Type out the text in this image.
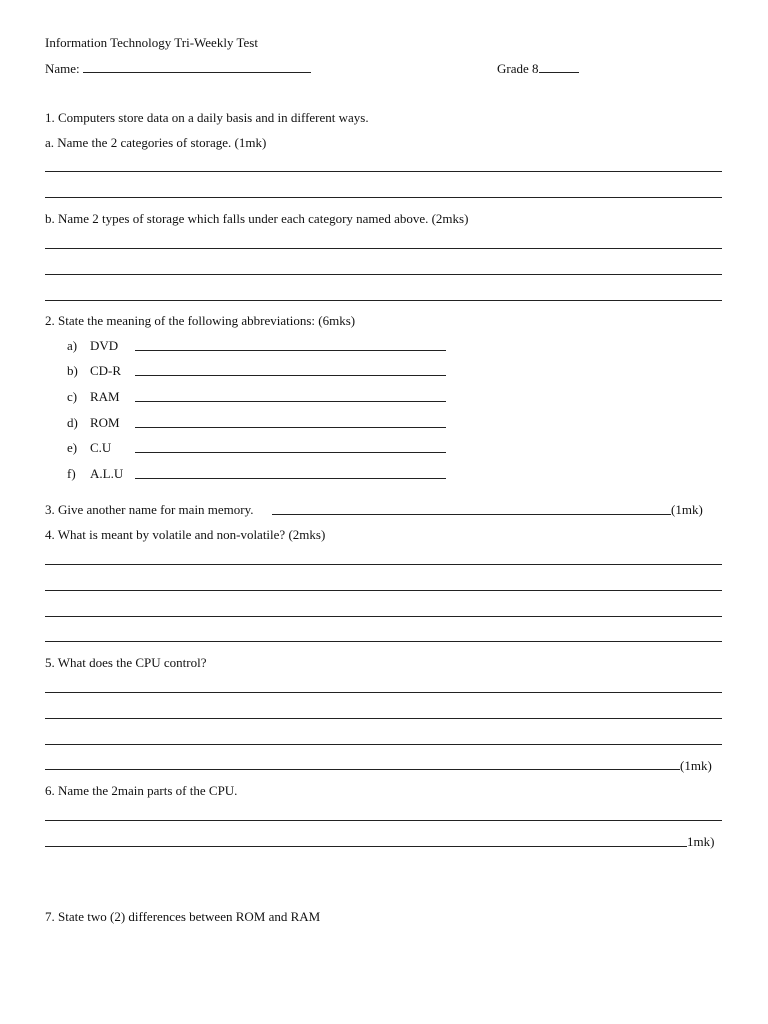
Information Technology Tri-Weekly Test
Name:	Grade 8
1. Computers store data on a daily basis and in different ways.
a. Name the 2 categories of storage. (1mk)
b. Name 2 types of storage which falls under each category named above. (2mks)
2. State the meaning of the following abbreviations: (6mks)
a) DVD
b) CD-R
c) RAM
d) ROM
e) C.U
f) A.L.U
3. Give another name for main memory.	(1mk)
4. What is meant by volatile and non-volatile? (2mks)
5. What does the CPU control?
(1mk)
6. Name the 2main parts of the CPU.
1mk)
7. State two (2) differences between ROM and RAM
